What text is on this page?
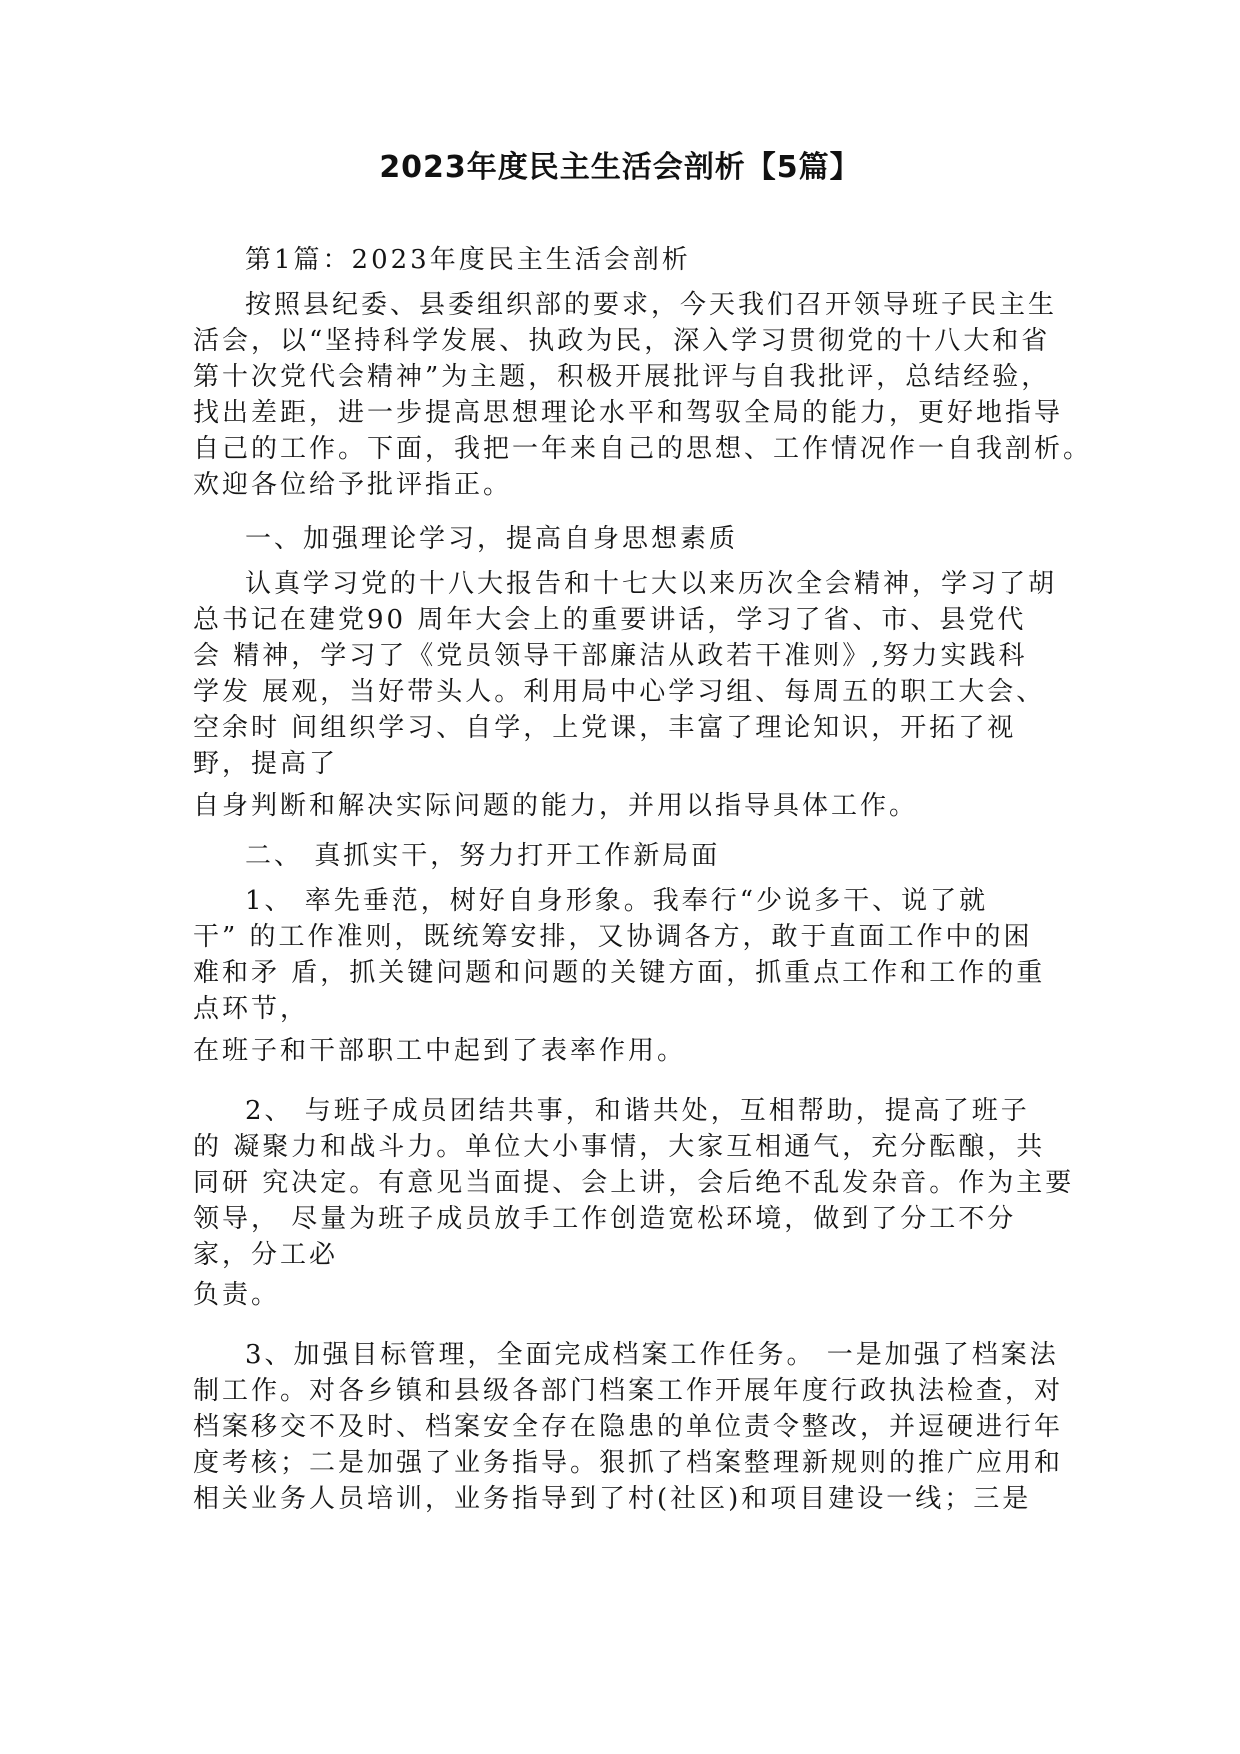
2023年度民主生活会剖析【5篇】

第1篇：2023年度民主生活会剖析

按照县纪委、县委组织部的要求，今天我们召开领导班子民主生

活会，以“坚持科学发展、执政为民，深入学习贯彻党的十八大和省

第十次党代会精神”为主题，积极开展批评与自我批评，总结经验，

找出差距，进一步提高思想理论水平和驾驭全局的能力，更好地指导

自己的工作。下面，我把一年来自己的思想、工作情况作一自我剖析。

欢迎各位给予批评指正。

一、加强理论学习，提高自身思想素质

认真学习党的十八大报告和十七大以来历次全会精神，学习了胡

总书记在建党90 周年大会上的重要讲话，学习了省、市、县党代

会 精神，学习了《党员领导干部廉洁从政若干准则》,努力实践科

学发 展观，当好带头人。利用局中心学习组、每周五的职工大会、

空余时 间组织学习、自学，上党课，丰富了理论知识，开拓了视

野，提高了

自身判断和解决实际问题的能力，并用以指导具体工作。

二、 真抓实干，努力打开工作新局面

1、 率先垂范，树好自身形象。我奉行“少说多干、说了就

干” 的工作准则，既统筹安排，又协调各方，敢于直面工作中的困

难和矛 盾，抓关键问题和问题的关键方面，抓重点工作和工作的重

点环节，

在班子和干部职工中起到了表率作用。

2、 与班子成员团结共事，和谐共处，互相帮助，提高了班子

的 凝聚力和战斗力。单位大小事情，大家互相通气，充分酝酿，共

同研 究决定。有意见当面提、会上讲，会后绝不乱发杂音。作为主要

领导， 尽量为班子成员放手工作创造宽松环境，做到了分工不分

家，分工必

负责。

3、加强目标管理，全面完成档案工作任务。 一是加强了档案法

制工作。对各乡镇和县级各部门档案工作开展年度行政执法检查，对

档案移交不及时、档案安全存在隐患的单位责令整改，并逗硬进行年

度考核；二是加强了业务指导。狠抓了档案整理新规则的推广应用和

相关业务人员培训，业务指导到了村(社区)和项目建设一线；三是
